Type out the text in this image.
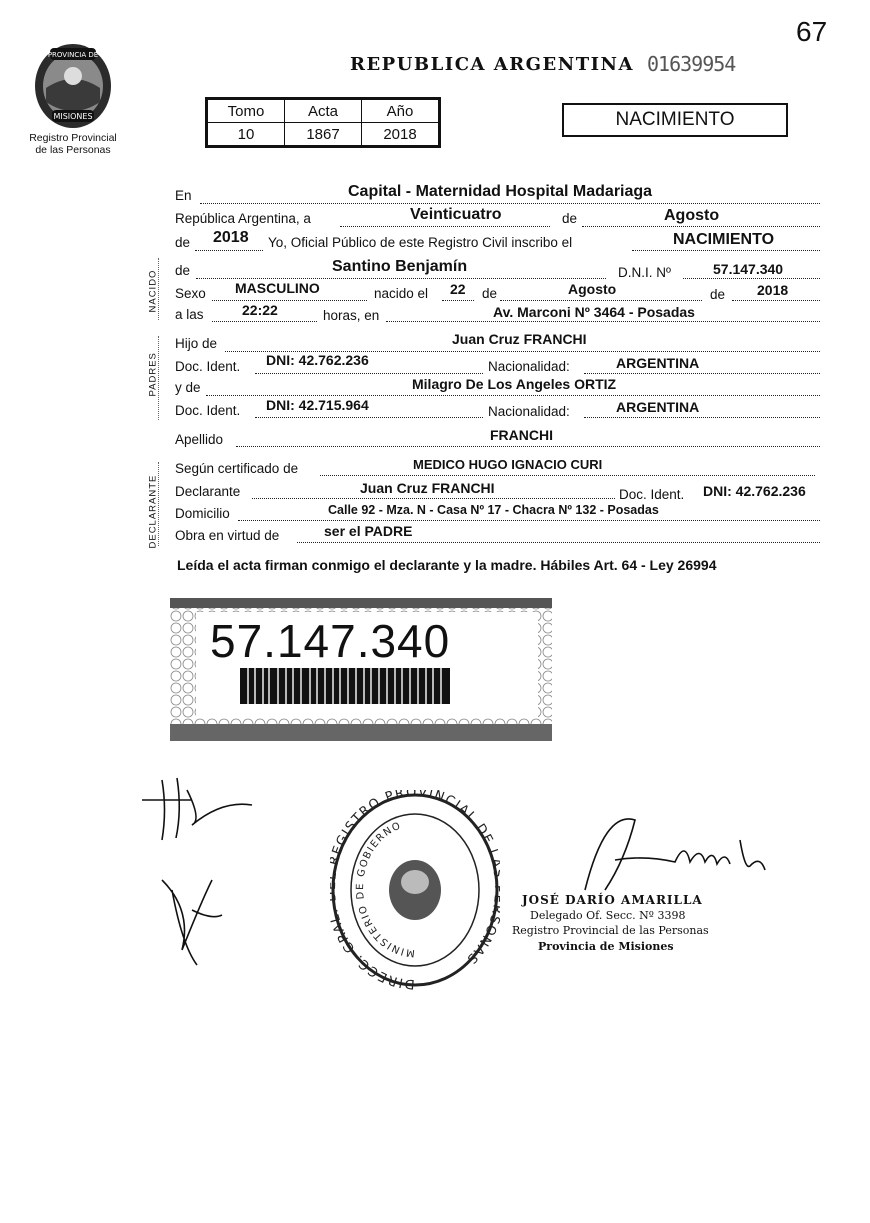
67
PROVINCIA DE
MISIONES
Registro Provincial
de las Personas
REPUBLICA ARGENTINA 01639954
Tomo	Acta	Año
10	1867	2018
NACIMIENTO
En	Capital - Maternidad Hospital Madariaga
República Argentina, a	Veinticuatro	de	Agosto
de 2018 Yo, Oficial Público de este Registro Civil inscribo el	NACIMIENTO
NACIDO de	Santino Benjamín	D.N.I. Nº	57.147.340
Sexo MASCULINO	nacido el 22 de	Agosto	de 2018
a las	22:22	horas, en	Av. Marconi Nº 3464 - Posadas
PADRES
Hijo de	Juan Cruz FRANCHI
Doc. Ident. DNI: 42.762.236	Nacionalidad:	ARGENTINA
y de	Milagro De Los Angeles ORTIZ
Doc. Ident. DNI: 42.715.964	Nacionalidad:	ARGENTINA
Apellido	FRANCHI
DECLARANTE
Según certificado de	MEDICO HUGO IGNACIO CURI
Declarante	Juan Cruz FRANCHI	Doc. Ident. DNI: 42.762.236
Domicilio	Calle 92 - Mza. N - Casa Nº 17 - Chacra Nº 132 - Posadas
Obra en virtud de	ser el PADRE
Leída el acta firman conmigo el declarante y la madre. Hábiles Art. 64 - Ley 26994
57.147.340
DIRECC. GRA EGISTRO PROVINCIAL DE L ONAS
MINISTERIO DE GOBIERNO
JOSÉ DARÍO AMARILLA
Delegado Of. Secc. Nº 3398
Registro Provincial de las Personas
Provincia de Misiones
